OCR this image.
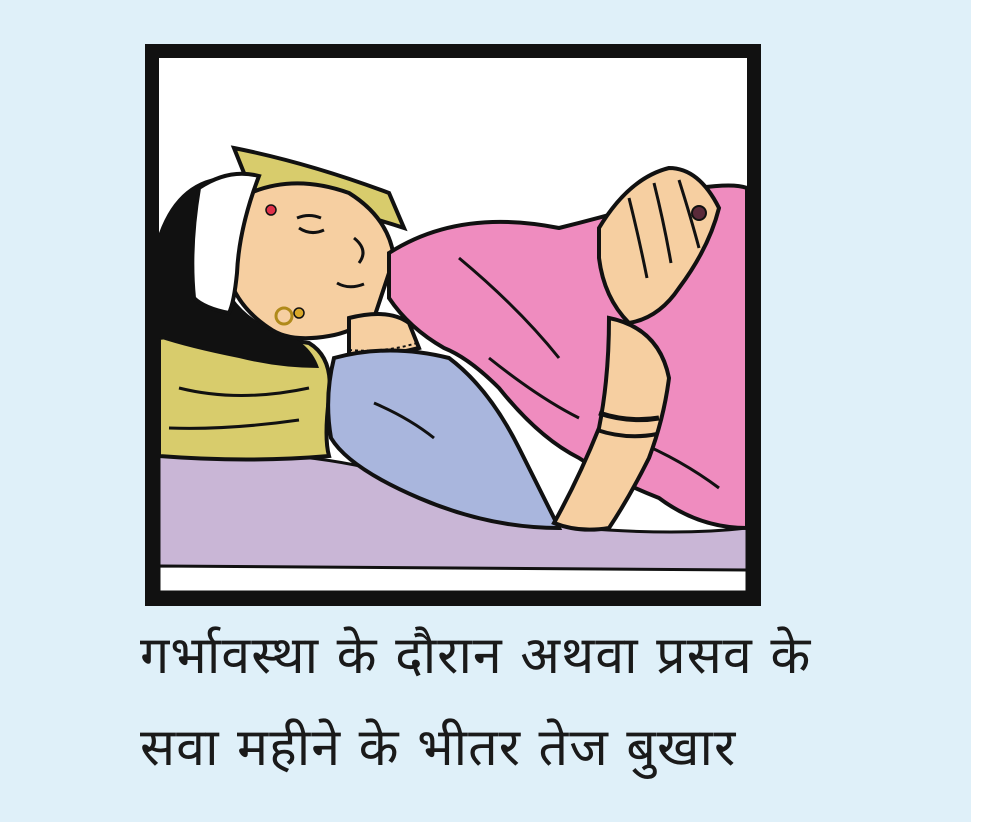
गर्भावस्था के दौरान अथवा प्रसव के
सवा महीने के भीतर तेज बुखार
